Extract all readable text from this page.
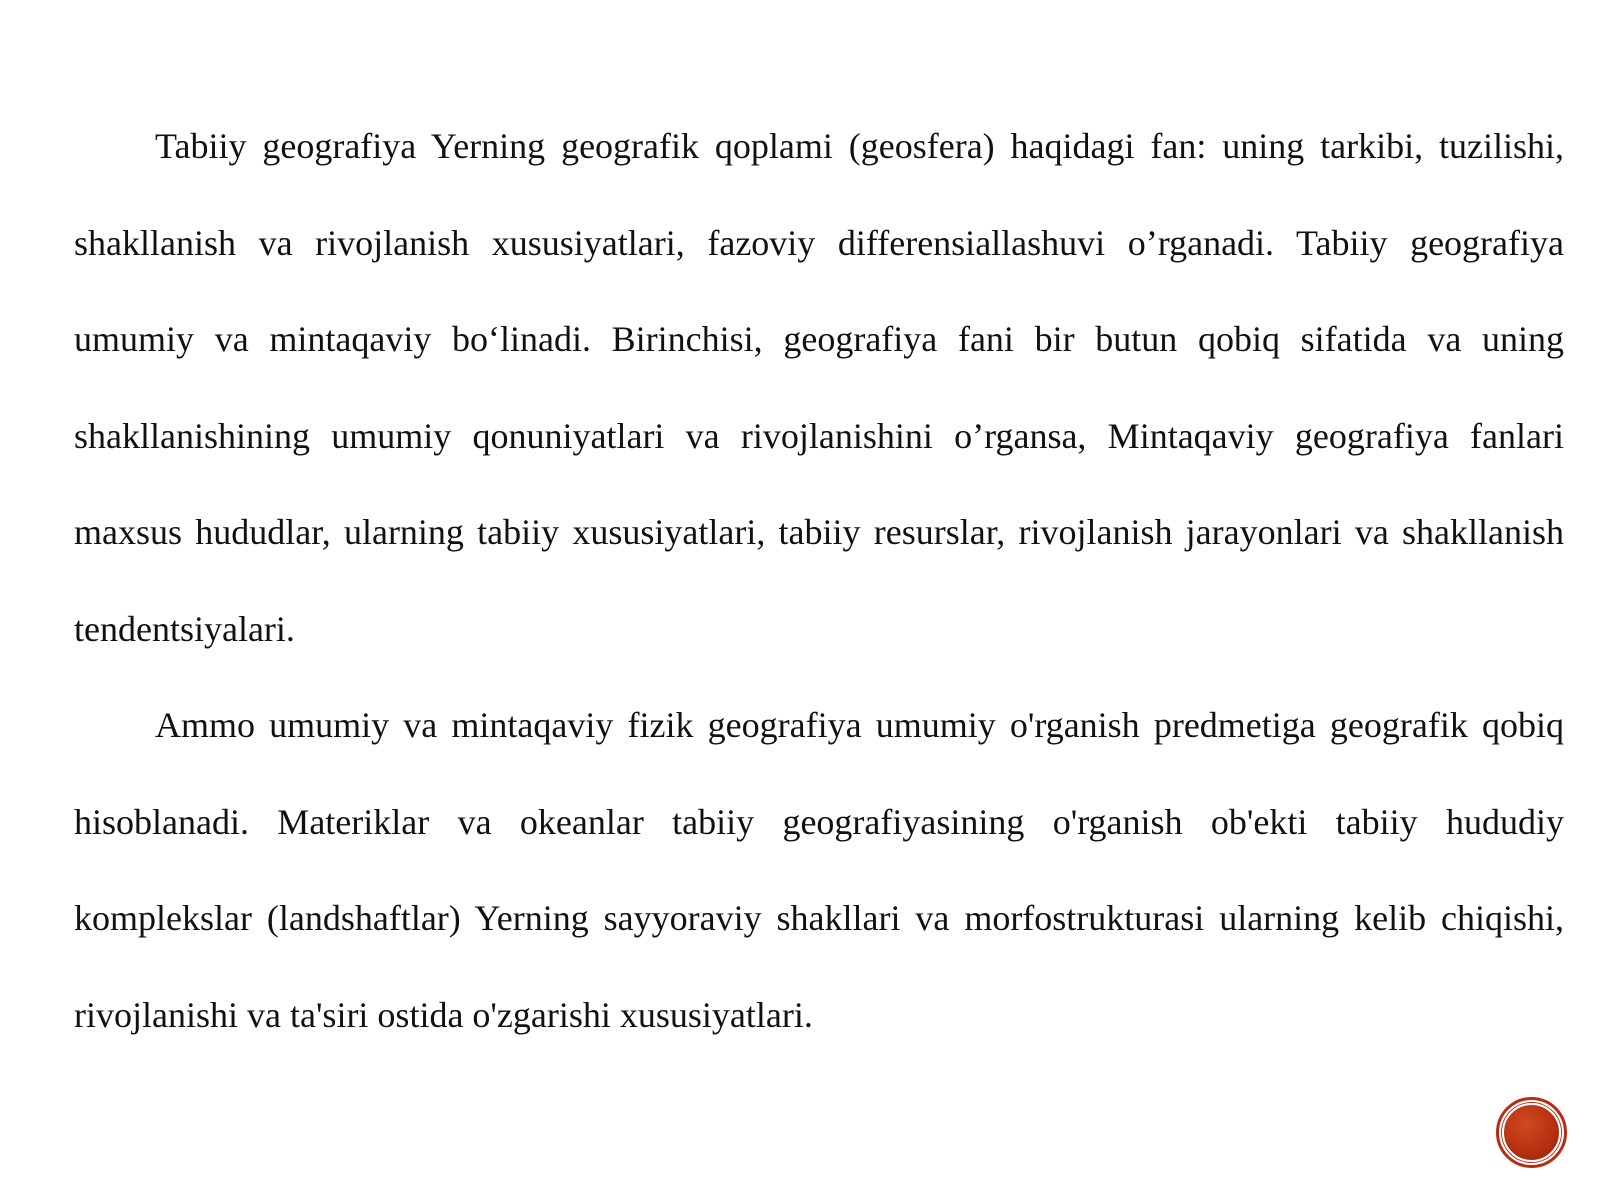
Tabiiy geografiya Yerning geografik qoplami (geosfera) haqidagi fan: uning tarkibi, tuzilishi, shakllanish va rivojlanish xususiyatlari, fazoviy differensiallashuvi o’rganadi. Tabiiy geografiya umumiy va mintaqaviy bo‘linadi. Birinchisi, geografiya fani bir butun qobiq sifatida va uning shakllanishining umumiy qonuniyatlari va rivojlanishini o’rgansa, Mintaqaviy geografiya fanlari maxsus hududlar, ularning tabiiy xususiyatlari, tabiiy resurslar, rivojlanish jarayonlari va shakllanish tendentsiyalari.

Ammo umumiy va mintaqaviy fizik geografiya umumiy o'rganish predmetiga geografik qobiq hisoblanadi. Materiklar va okeanlar tabiiy geografiyasining o'rganish ob'ekti tabiiy hududiy komplekslar (landshaftlar) Yerning sayyoraviy shakllari va morfostrukturasi ularning kelib chiqishi, rivojlanishi va ta'siri ostida o'zgarishi xususiyatlari.
